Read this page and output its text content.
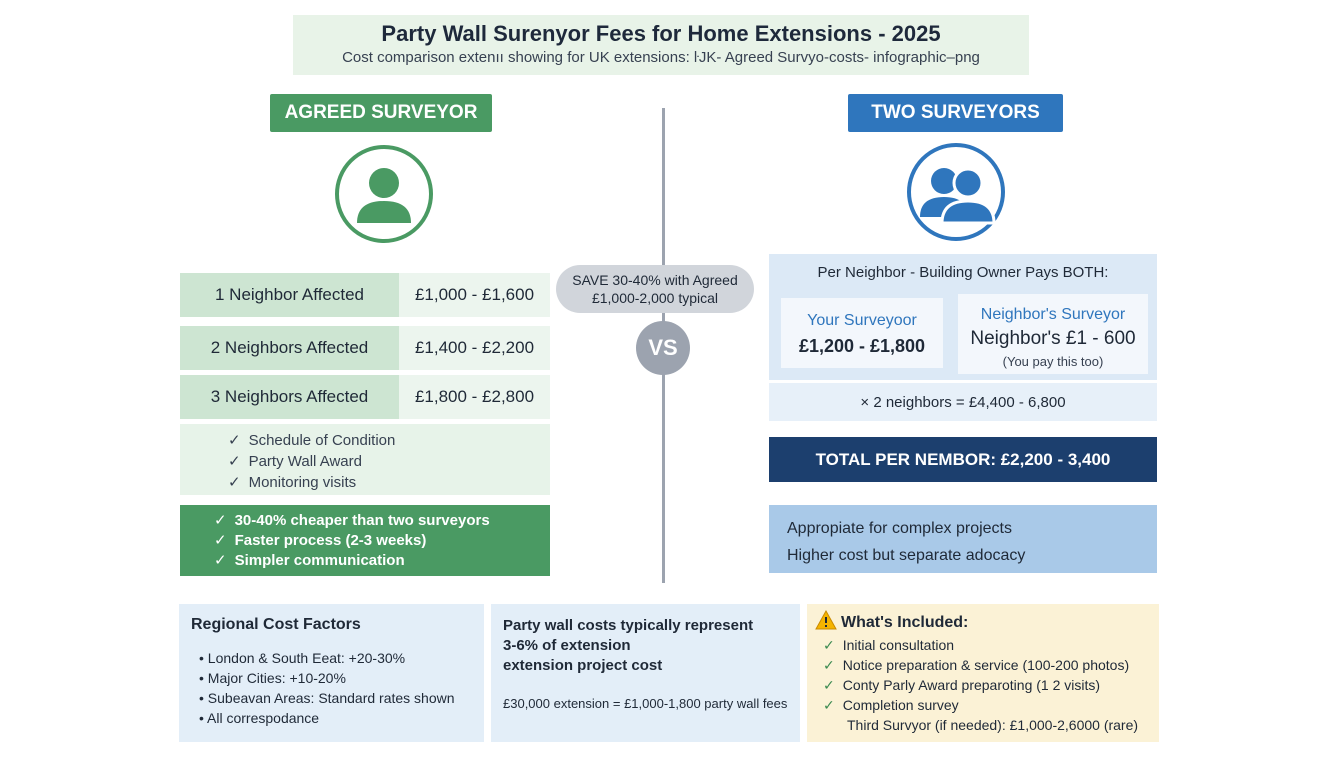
Party Wall Surenyor Fees for Home Extensions - 2025
Cost comparison extenıı showing for UK extensions: ŀJK- Agreed Survyo-costs- infographic–png
AGREED SURVEYOR	TWO SURVEYORS
SAVE 30-40% with Agreed
£1,000-2,000 typical
VS
1 Neighbor Affected	£1,000 - £1,600
2 Neighbors Affected	£1,400 - £2,200
3 Neighbors Affected	£1,800 - £2,800
✓ Schedule of Condition
✓ Party Wall Award
✓ Monitoring visits
✓ 30-40% cheaper than two surveyors
✓ Faster process (2-3 weeks)
✓ Simpler communication
Per Neighbor - Building Owner Pays BOTH:
Your Surveyoor
£1,200 - £1,800
Neighbor's Surveyor
Neighbor's £1 - 600
(You pay this too)
× 2 neighbors = £4,400 - 6,800
TOTAL PER NEMBOR: £2,200 - 3,400
Appropiate for complex projects
Higher cost but separate adocacy
Regional Cost Factors
• London & South Eeat: +20-30%
• Major Cities: +10-20%
• Subeavan Areas: Standard rates shown
• All correspodance
Party wall costs typically represent
3-6% of extension
extension project cost
£30,000 extension = £1,000-1,800 party wall fees
What's Included:
✓ Initial consultation
✓ Notice preparation & service (100-200 photos)
✓ Conty Parly Award preparoting (1 2 visits)
✓ Completion survey
Third Survyor (if needed): £1,000-2,6000 (rare)
